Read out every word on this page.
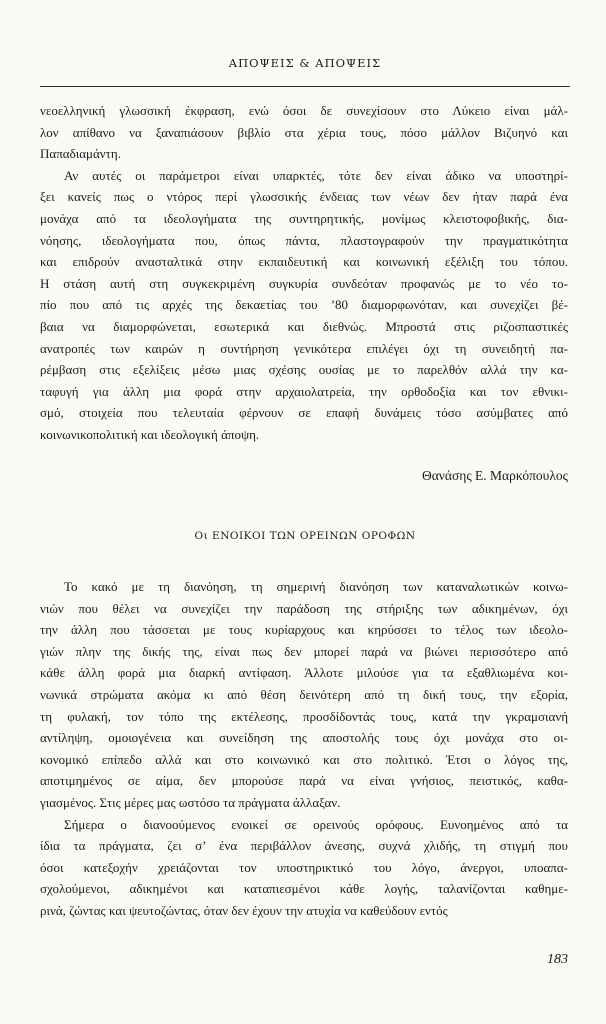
ΑΠΟΨΕΙΣ & ΑΠΟΨΕΙΣ

νεοελληνική γλωσσική έκφραση, ενώ όσοι δε συνεχίσουν στο Λύκειο είναι μάλ-
λον απίθανο να ξαναπιάσουν βιβλίο στα χέρια τους, πόσο μάλλον Βιζυηνό και
Παπαδιαμάντη.

Αν αυτές οι παράμετροι είναι υπαρκτές, τότε δεν είναι άδικο να υποστηρί-
ξει κανείς πως ο ντόρος περί γλωσσικής ένδειας των νέων δεν ήταν παρά ένα
μονάχα από τα ιδεολογήματα της συντηρητικής, μονίμως κλειστοφοβικής, δια-
νόησης, ιδεολογήματα που, όπως πάντα, πλαστογραφούν την πραγματικότητα
και επιδρούν ανασταλτικά στην εκπαιδευτική και κοινωνική εξέλιξη του τόπου.
Η στάση αυτή στη συγκεκριμένη συγκυρία συνδεόταν προφανώς με το νέο το-
πίο που από τις αρχές της δεκαετίας του ’80 διαμορφωνόταν, και συνεχίζει βέ-
βαια να διαμορφώνεται, εσωτερικά και διεθνώς. Μπροστά στις ριζοσπαστικές
ανατροπές των καιρών η συντήρηση γενικότερα επιλέγει όχι τη συνειδητή πα-
ρέμβαση στις εξελίξεις μέσω μιας σχέσης ουσίας με το παρελθόν αλλά την κα-
ταφυγή για άλλη μια φορά στην αρχαιολατρεία, την ορθοδοξία και τον εθνικι-
σμό, στοιχεία που τελευταία φέρνουν σε επαφή δυνάμεις τόσο ασύμβατες από
κοινωνικοπολιτική και ιδεολογική άποψη.

Θανάσης Ε. Μαρκόπουλος
Οι ΕΝΟΙΚΟΙ ΤΩΝ ΟΡΕΙΝΩΝ ΟΡΟΦΩΝ

Το κακό με τη διανόηση, τη σημερινή διανόηση των καταναλωτικών κοινω-
νιών που θέλει να συνεχίζει την παράδοση της στήριξης των αδικημένων, όχι
την άλλη που τάσσεται με τους κυρίαρχους και κηρύσσει το τέλος των ιδεολο-
γιών πλην της δικής της, είναι πως δεν μπορεί παρά να βιώνει περισσότερο από
κάθε άλλη φορά μια διαρκή αντίφαση. Άλλοτε μιλούσε για τα εξαθλιωμένα κοι-
νωνικά στρώματα ακόμα κι από θέση δεινότερη από τη δική τους, την εξορία,
τη φυλακή, τον τόπο της εκτέλεσης, προσδίδοντάς τους, κατά την γκραμσιανή
αντίληψη, ομοιογένεια και συνείδηση της αποστολής τους όχι μονάχα στο οι-
κονομικό επίπεδο αλλά και στο κοινωνικό και στο πολιτικό. Έτσι ο λόγος της,
αποτιμημένος σε αίμα, δεν μπορούσε παρά να είναι γνήσιος, πειστικός, καθα-
γιασμένος. Στις μέρες μας ωστόσο τα πράγματα άλλαξαν.

Σήμερα ο διανοούμενος ενοικεί σε ορεινούς ορόφους. Ευνοημένος από τα
ίδια τα πράγματα, ζει σ’ ένα περιβάλλον άνεσης, συχνά χλιδής, τη στιγμή που
όσοι κατεξοχήν χρειάζονται τον υποστηρικτικό του λόγο, άνεργοι, υποαπα-
σχολούμενοι, αδικημένοι και καταπιεσμένοι κάθε λογής, ταλανίζονται καθημε-
ρινά, ζώντας και ψευτοζώντας, όταν δεν έχουν την ατυχία να καθεύδουν εντός

183
